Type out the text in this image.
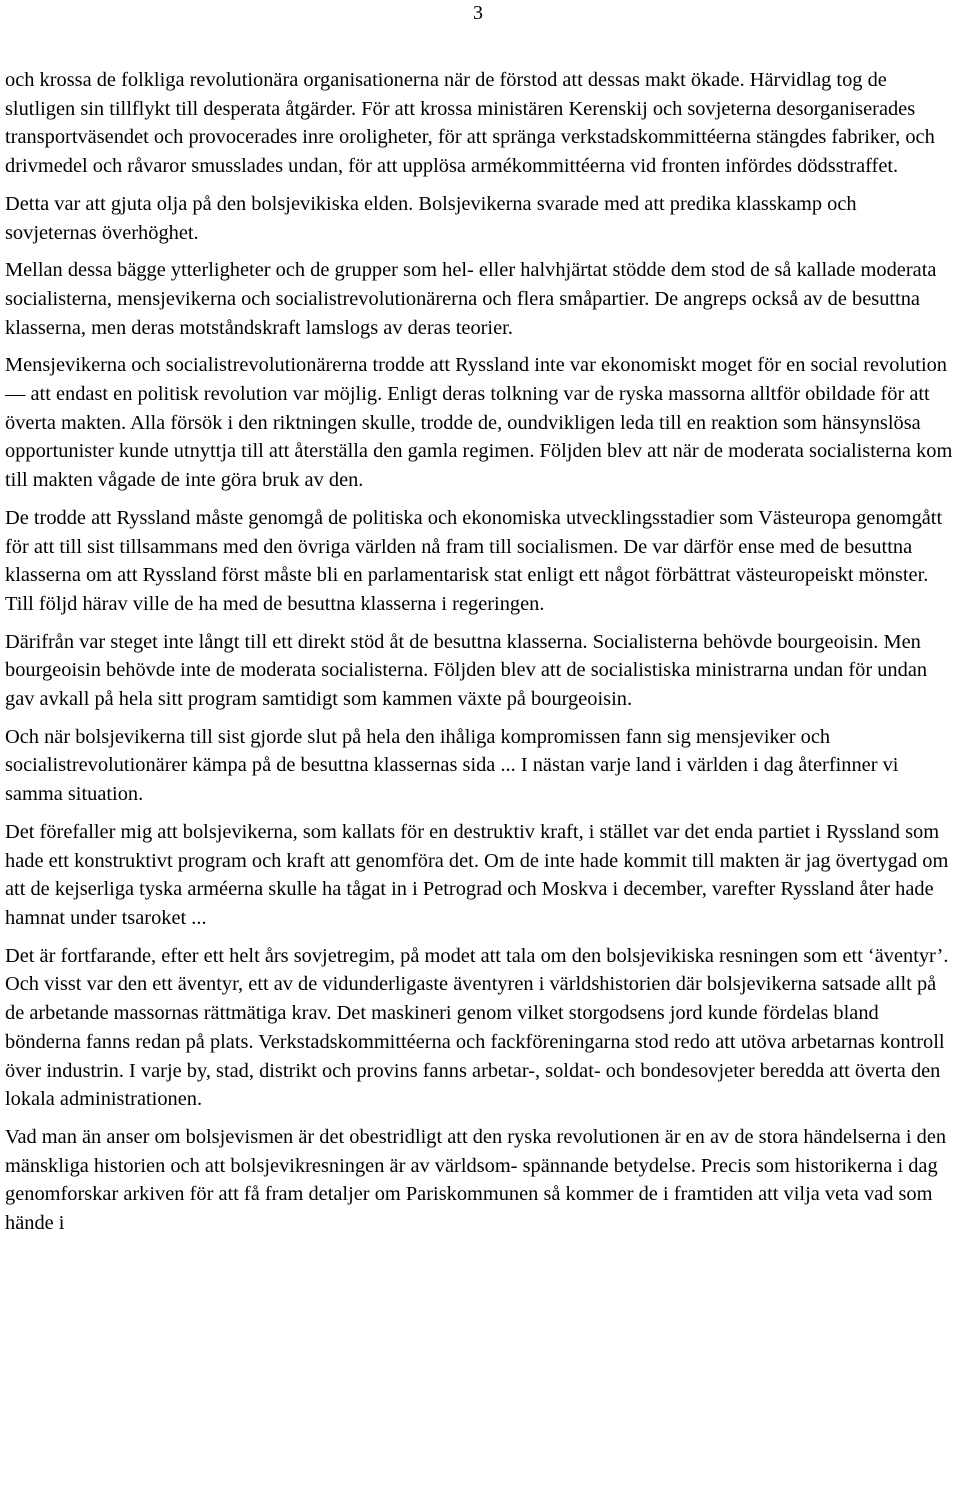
3

och krossa de folkliga revolutionära organisationerna när de förstod att dessas makt ökade. Härvidlag tog de slutligen sin tillflykt till desperata åtgärder. För att krossa ministären Kerenskij och sovjeterna desorganiserades transportväsendet och provocerades inre oroligheter, för att spränga verkstadskommittéerna stängdes fabriker, och drivmedel och råvaror smusslades undan, för att upplösa armékommittéerna vid fronten infördes dödsstraffet.

Detta var att gjuta olja på den bolsjevikiska elden. Bolsjevikerna svarade med att predika klasskamp och sovjeternas överhöghet.

Mellan dessa bägge ytterligheter och de grupper som hel- eller halvhjärtat stödde dem stod de så kallade moderata socialisterna, mensjevikerna och socialistrevolutionärerna och flera småpartier. De angreps också av de besuttna klasserna, men deras motståndskraft lamslogs av deras teorier.

Mensjevikerna och socialistrevolutionärerna trodde att Ryssland inte var ekonomiskt moget för en social revolution — att endast en politisk revolution var möjlig. Enligt deras tolkning var de ryska massorna alltför obildade för att överta makten. Alla försök i den riktningen skulle, trodde de, oundvikligen leda till en reaktion som hänsynslösa opportunister kunde utnyttja till att återställa den gamla regimen. Följden blev att när de moderata socialisterna kom till makten vågade de inte göra bruk av den.

De trodde att Ryssland måste genomgå de politiska och ekonomiska utvecklingsstadier som Västeuropa genomgått för att till sist tillsammans med den övriga världen nå fram till socialismen. De var därför ense med de besuttna klasserna om att Ryssland först måste bli en parlamentarisk stat enligt ett något förbättrat västeuropeiskt mönster. Till följd härav ville de ha med de besuttna klasserna i regeringen.

Därifrån var steget inte långt till ett direkt stöd åt de besuttna klasserna. Socialisterna behövde bourgeoisin. Men bourgeoisin behövde inte de moderata socialisterna. Följden blev att de socialistiska ministrarna undan för undan gav avkall på hela sitt program samtidigt som kammen växte på bourgeoisin.

Och när bolsjevikerna till sist gjorde slut på hela den ihåliga kompromissen fann sig mensjeviker och socialistrevolutionärer kämpa på de besuttna klassernas sida ... I nästan varje land i världen i dag återfinner vi samma situation.

Det förefaller mig att bolsjevikerna, som kallats för en destruktiv kraft, i stället var det enda partiet i Ryssland som hade ett konstruktivt program och kraft att genomföra det. Om de inte hade kommit till makten är jag övertygad om att de kejserliga tyska arméerna skulle ha tågat in i Petrograd och Moskva i december, varefter Ryssland åter hade hamnat under tsaroket ...

Det är fortfarande, efter ett helt års sovjetregim, på modet att tala om den bolsjevikiska resningen som ett ‘äventyr’. Och visst var den ett äventyr, ett av de vidunderligaste äventyren i världshistorien där bolsjevikerna satsade allt på de arbetande massornas rättmätiga krav. Det maskineri genom vilket storgodsens jord kunde fördelas bland bönderna fanns redan på plats. Verkstadskommittéerna och fackföreningarna stod redo att utöva arbetarnas kontroll över industrin. I varje by, stad, distrikt och provins fanns arbetar-, soldat- och bondesovjeter beredda att överta den lokala administrationen.

Vad man än anser om bolsjevismen är det obestridligt att den ryska revolutionen är en av de stora händelserna i den mänskliga historien och att bolsjevikresningen är av världsom- spännande betydelse. Precis som historikerna i dag genomforskar arkiven för att få fram detaljer om Pariskommunen så kommer de i framtiden att vilja veta vad som hände i
